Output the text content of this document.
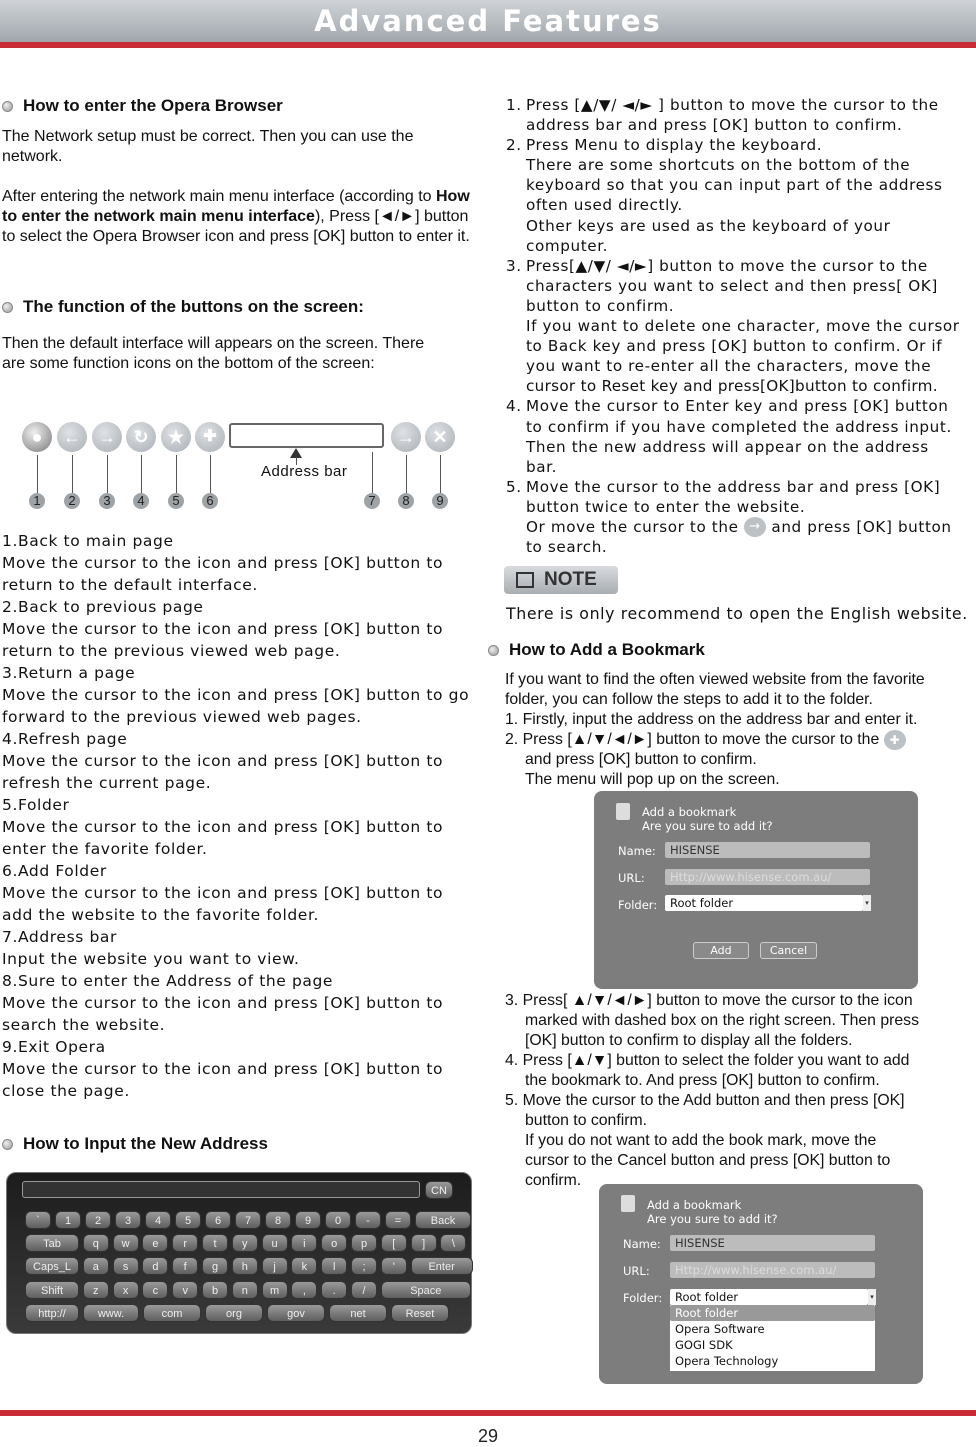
Advanced Features
How to enter the Opera Browser
The Network setup must be correct. Then you can use the network.
After entering the network main menu interface (according to How to enter the network main menu interface), Press [◄/►] button to select the Opera Browser icon and press [OK] button to enter it.
The function of the buttons on the screen:
Then the default interface will appears on the screen. There are some function icons on the bottom of the screen:
●	← → ↻	★	✚	→ ✕
Address bar
1	2	3	4	5	6	7	8	9
1.Back to main page
Move the cursor to the icon and press [OK] button to return to the default interface.
2.Back to previous page
Move the cursor to the icon and press [OK] button to return to the previous viewed web page.
3.Return a page
Move the cursor to the icon and press [OK] button to go forward to the previous viewed web pages.
4.Refresh page
Move the cursor to the icon and press [OK] button to refresh the current page.
5.Folder
Move the cursor to the icon and press [OK] button to enter the favorite folder.
6.Add Folder
Move the cursor to the icon and press [OK] button to add the website to the favorite folder.
7.Address bar
Input the website you want to view.
8.Sure to enter the Address of the page
Move the cursor to the icon and press [OK] button to search the website.
9.Exit Opera
Move the cursor to the icon and press [OK] button to close the page.
How to Input the New Address
CN
`	1	2	3	4	5	6	7	8	9	0	-	=	Back
Tab	q	w	e	r	t	y	u	i	o	p	[	]	\
Caps_L	a	s	d	f	g	h	j	k	l	;	'	Enter
Shift	z	x	c	v	b	n	m	,	.	/	Space
http://	www.	com	org	gov	net	Reset
1. Press [▲/▼/ ◄/► ] button to move the cursor to the
address bar and press [OK] button to confirm.
2. Press Menu to display the keyboard.
There are some shortcuts on the bottom of the
keyboard so that you can input part of the address
often used directly.
Other keys are used as the keyboard of your
computer.
3. Press[▲/▼/ ◄/►] button to move the cursor to the
characters you want to select and then press[ OK]
button to confirm.
If you want to delete one character, move the cursor
to Back key and press [OK] button to confirm. Or if
you want to re-enter all the characters, move the
cursor to Reset key and press[OK]button to confirm.
4. Move the cursor to Enter key and press [OK] button
to confirm if you have completed the address input.
Then the new address will appear on the address
bar.
5. Move the cursor to the address bar and press [OK]
button twice to enter the website.
Or move the cursor to the → and press [OK] button
to search.
NOTE
There is only recommend to open the English website.
How to Add a Bookmark
If you want to find the often viewed website from the favorite
folder, you can follow the steps to add it to the folder.
1. Firstly, input the address on the address bar and enter it.
2. Press [▲/▼/◄/►] button to move the cursor to the ✚
and press [OK] button to confirm.
The menu will pop up on the screen.
Add a bookmark
Are you sure to add it?
Name:	HISENSE
URL:	Http://www.hisense.com.au/
Folder:	Root folder	▾
Add	Cancel
3. Press[ ▲/▼/◄/►] button to move the cursor to the icon
marked with dashed box on the right screen. Then press
[OK] button to confirm to display all the folders.
4. Press [▲/▼] button to select the folder you want to add
the bookmark to. And press [OK] button to confirm.
5. Move the cursor to the Add button and then press [OK]
button to confirm.
If you do not want to add the book mark, move the
cursor to the Cancel button and press [OK] button to
confirm.
Add a bookmark
Are you sure to add it?
Name:	HISENSE
URL:	Http://www.hisense.com.au/
Folder:	Root folder	▾
Root folder
Opera Software
GOGI SDK
Opera Technology
29
